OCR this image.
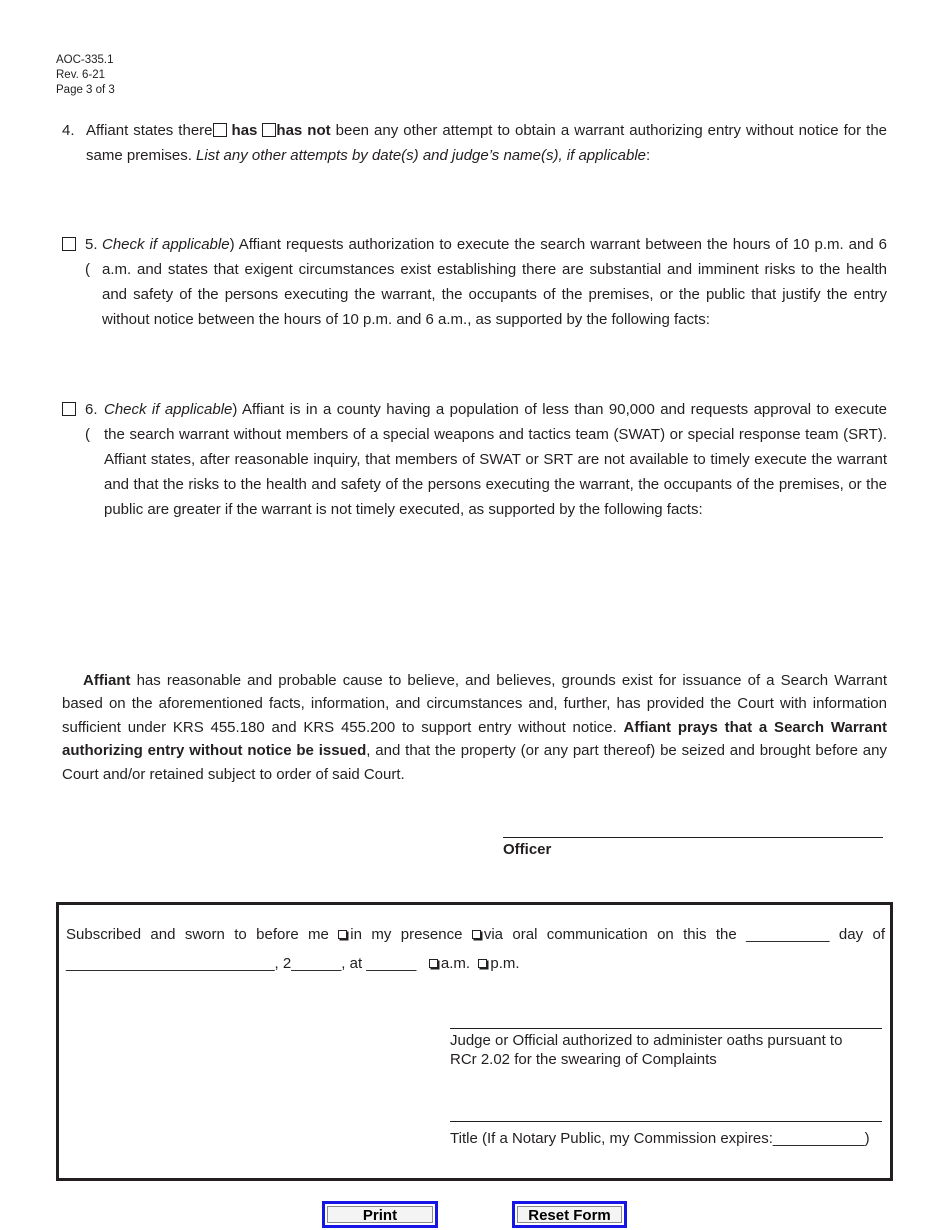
AOC-335.1
Rev. 6-21
Page 3 of 3
4. Affiant states there has has not been any other attempt to obtain a warrant authorizing entry without notice for the same premises. List any other attempts by date(s) and judge’s name(s), if applicable:
5. (
Check if applicable) Affiant requests authorization to execute the search warrant between the hours of 10 p.m. and 6 a.m. and states that exigent circumstances exist establishing there are substantial and imminent risks to the health and safety of the persons executing the warrant, the occupants of the premises, or the public that justify the entry without notice between the hours of 10 p.m. and 6 a.m., as supported by the following facts:
6. (
Check if applicable) Affiant is in a county having a population of less than 90,000 and requests approval to execute the search warrant without members of a special weapons and tactics team (SWAT) or special response team (SRT). Affiant states, after reasonable inquiry, that members of SWAT or SRT are not available to timely execute the warrant and that the risks to the health and safety of the persons executing the warrant, the occupants of the premises, or the public are greater if the warrant is not timely executed, as supported by the following facts:
Affiant has reasonable and probable cause to believe, and believes, grounds exist for issuance of a Search Warrant based on the aforementioned facts, information, and circumstances and, further, has provided the Court with information sufficient under KRS 455.180 and KRS 455.200 to support entry without notice. Affiant prays that a Search Warrant authorizing entry without notice be issued, and that the property (or any part thereof) be seized and brought before any Court and/or retained subject to order of said Court.
Officer
Subscribed and sworn to before me in my presence via oral communication on this the __________ day of
_________________________, 2______, at ______ a.m. p.m.
Judge or Official authorized to administer oaths pursuant to RCr 2.02 for the swearing of Complaints
Title (If a Notary Public, my Commission expires:___________)
Print	Reset Form
